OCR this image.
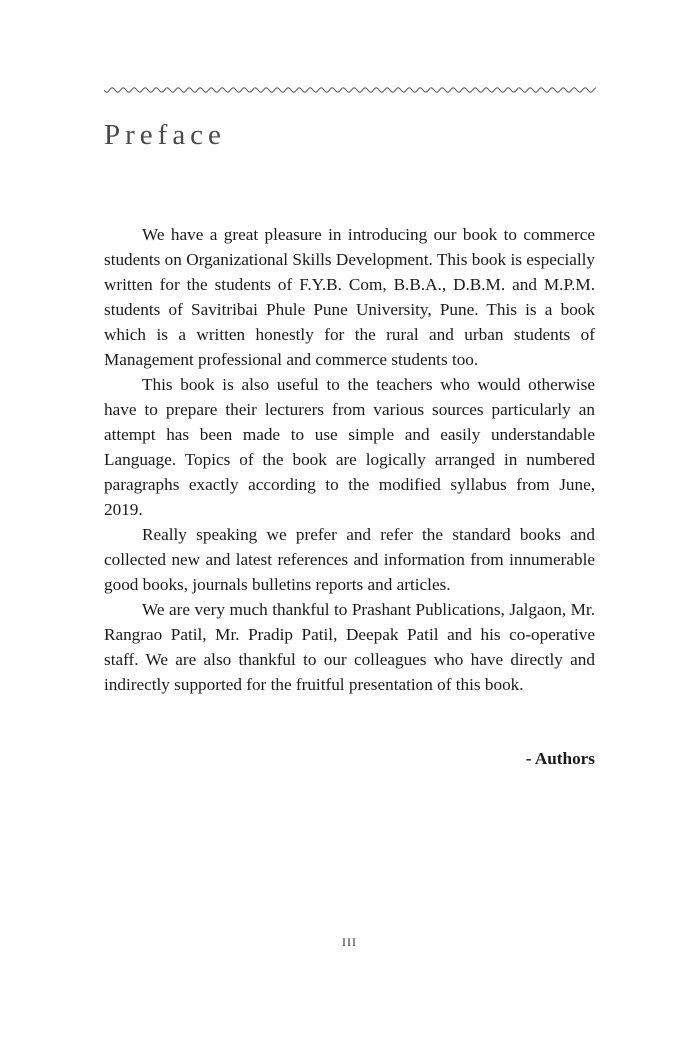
Preface

We have a great pleasure in introducing our book to commerce students on Organizational Skills Development. This book is especially written for the students of F.Y.B. Com, B.B.A., D.B.M. and M.P.M. students of Savitribai Phule Pune University, Pune. This is a book which is a written honestly for the rural and urban students of Management professional and commerce students too.

This book is also useful to the teachers who would otherwise have to prepare their lecturers from various sources particularly an attempt has been made to use simple and easily understandable Language. Topics of the book are logically arranged in numbered paragraphs exactly according to the modified syllabus from June, 2019.

Really speaking we prefer and refer the standard books and collected new and latest references and information from innumerable good books, journals bulletins reports and articles.

We are very much thankful to Prashant Publications, Jalgaon, Mr. Rangrao Patil, Mr. Pradip Patil, Deepak Patil and his co-operative staff. We are also thankful to our colleagues who have directly and indirectly supported for the fruitful presentation of this book.

- Authors

III
